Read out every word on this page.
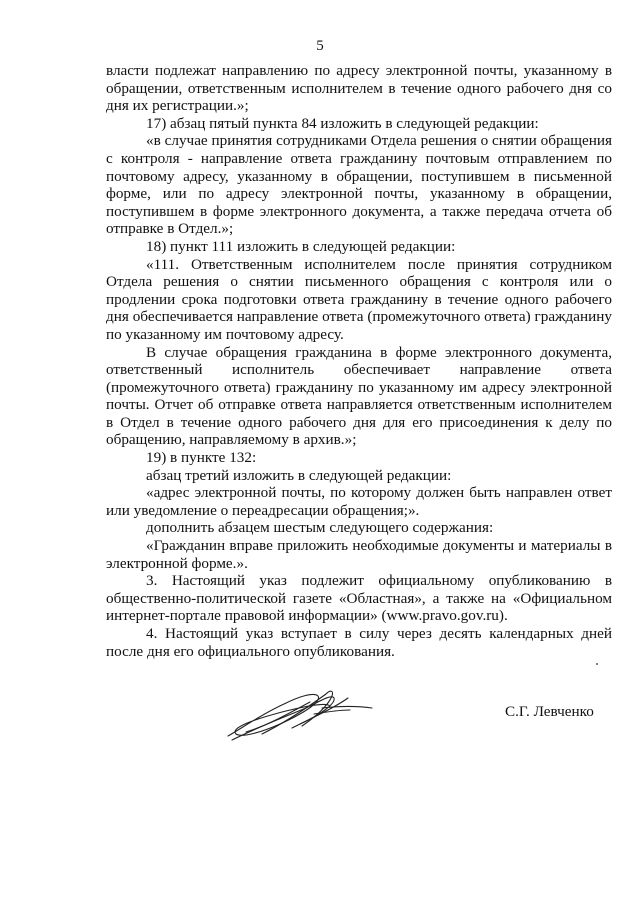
5

власти подлежат направлению по адресу электронной почты, указанному в обращении, ответственным исполнителем в течение одного рабочего дня со дня их регистрации.»;

17) абзац пятый пункта 84 изложить в следующей редакции:

«в случае принятия сотрудниками Отдела решения о снятии обращения с контроля - направление ответа гражданину почтовым отправлением по почтовому адресу, указанному в обращении, поступившем в письменной форме, или по адресу электронной почты, указанному в обращении, поступившем в форме электронного документа, а также передача отчета об отправке в Отдел.»;

18) пункт 111 изложить в следующей редакции:

«111. Ответственным исполнителем после принятия сотрудником Отдела решения о снятии письменного обращения с контроля или о продлении срока подготовки ответа гражданину в течение одного рабочего дня обеспечивается направление ответа (промежуточного ответа) гражданину по указанному им почтовому адресу.

В случае обращения гражданина в форме электронного документа, ответственный исполнитель обеспечивает направление ответа (промежуточного ответа) гражданину по указанному им адресу электронной почты. Отчет об отправке ответа направляется ответственным исполнителем в Отдел в течение одного рабочего дня для его присоединения к делу по обращению, направляемому в архив.»;

19) в пункте 132:

абзац третий изложить в следующей редакции:

«адрес электронной почты, по которому должен быть направлен ответ или уведомление о переадресации обращения;».

дополнить абзацем шестым следующего содержания:

«Гражданин вправе приложить необходимые документы и материалы в электронной форме.».

3. Настоящий указ подлежит официальному опубликованию в общественно-политической газете «Областная», а также на «Официальном интернет-портале правовой информации» (www.pravo.gov.ru).

4. Настоящий указ вступает в силу через десять календарных дней после дня его официального опубликования.

С.Г. Левченко
